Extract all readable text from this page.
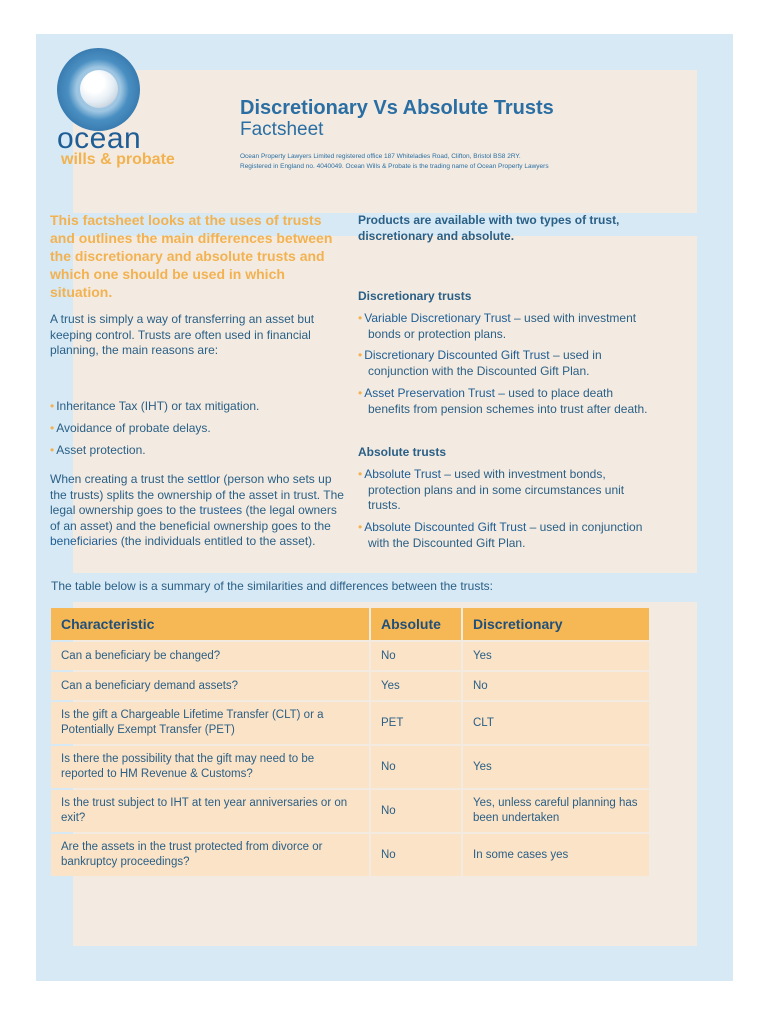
ocean
wills & probate
Discretionary Vs Absolute Trusts
Factsheet
Ocean Property Lawyers Limited registered office 187 Whiteladies Road, Clifton, Bristol BS8 2RY.
Registered in England no. 4040049. Ocean Wills & Probate is the trading name of Ocean Property Lawyers
This factsheet looks at the uses of trusts and outlines the main differences between the discretionary and absolute trusts and which one should be used in which situation.
A trust is simply a way of transferring an asset but keeping control. Trusts are often used in financial planning, the main reasons are:
• Inheritance Tax (IHT) or tax mitigation.
• Avoidance of probate delays.
• Asset protection.
When creating a trust the settlor (person who sets up the trusts) splits the ownership of the asset in trust. The legal ownership goes to the trustees (the legal owners of an asset) and the beneficial ownership goes to the beneficiaries (the individuals entitled to the asset).
Products are available with two types of trust, discretionary and absolute.
Discretionary trusts
• Variable Discretionary Trust – used with investment bonds or protection plans.
• Discretionary Discounted Gift Trust – used in conjunction with the Discounted Gift Plan.
• Asset Preservation Trust – used to place death benefits from pension schemes into trust after death.
Absolute trusts
• Absolute Trust – used with investment bonds, protection plans and in some circumstances unit trusts.
• Absolute Discounted Gift Trust – used in conjunction with the Discounted Gift Plan.
The table below is a summary of the similarities and differences between the trusts:
Characteristic	Absolute	Discretionary
Can a beneficiary be changed?	No	Yes
Can a beneficiary demand assets?	Yes	No
Is the gift a Chargeable Lifetime Transfer (CLT) or a Potentially Exempt Transfer (PET)	PET	CLT
Is there the possibility that the gift may need to be reported to HM Revenue & Customs?	No	Yes
Is the trust subject to IHT at ten year anniversaries or on exit?	No	Yes, unless careful planning has been undertaken
Are the assets in the trust protected from divorce or bankruptcy proceedings?	No	In some cases yes
